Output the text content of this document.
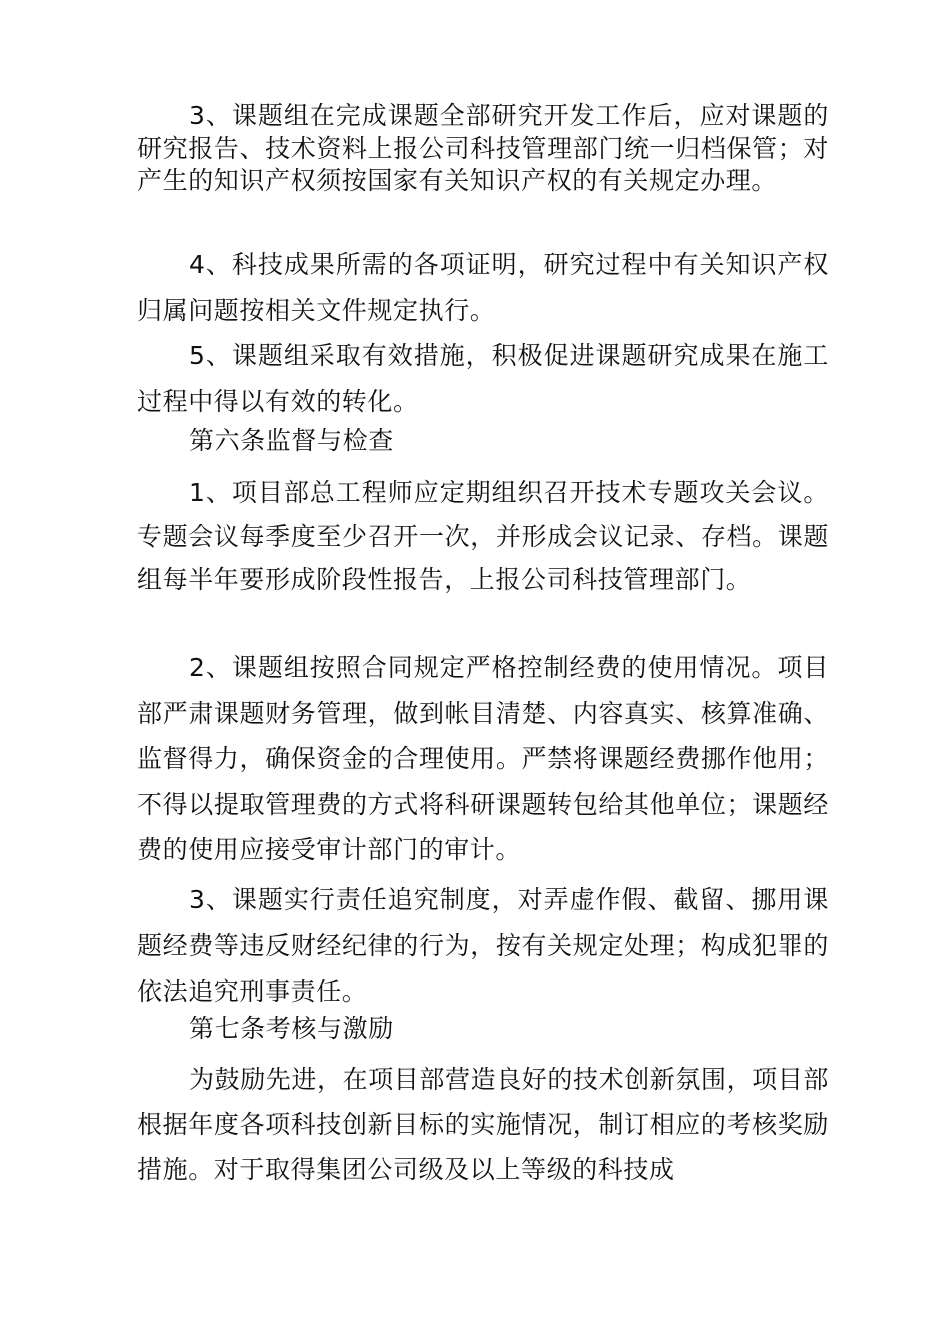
3、课题组在完成课题全部研究开发工作后，应对课题的研究报告、技术资料上报公司科技管理部门统一归档保管；对产生的知识产权须按国家有关知识产权的有关规定办理。

4、科技成果所需的各项证明，研究过程中有关知识产权归属问题按相关文件规定执行。

5、课题组采取有效措施，积极促进课题研究成果在施工过程中得以有效的转化。

第六条监督与检查

1、项目部总工程师应定期组织召开技术专题攻关会议。专题会议每季度至少召开一次，并形成会议记录、存档。课题组每半年要形成阶段性报告，上报公司科技管理部门。

2、课题组按照合同规定严格控制经费的使用情况。项目部严肃课题财务管理，做到帐目清楚、内容真实、核算准确、监督得力，确保资金的合理使用。严禁将课题经费挪作他用；不得以提取管理费的方式将科研课题转包给其他单位；课题经费的使用应接受审计部门的审计。

3、课题实行责任追究制度，对弄虚作假、截留、挪用课题经费等违反财经纪律的行为，按有关规定处理；构成犯罪的依法追究刑事责任。

第七条考核与激励

为鼓励先进，在项目部营造良好的技术创新氛围，项目部根据年度各项科技创新目标的实施情况，制订相应的考核奖励措施。对于取得集团公司级及以上等级的科技成
